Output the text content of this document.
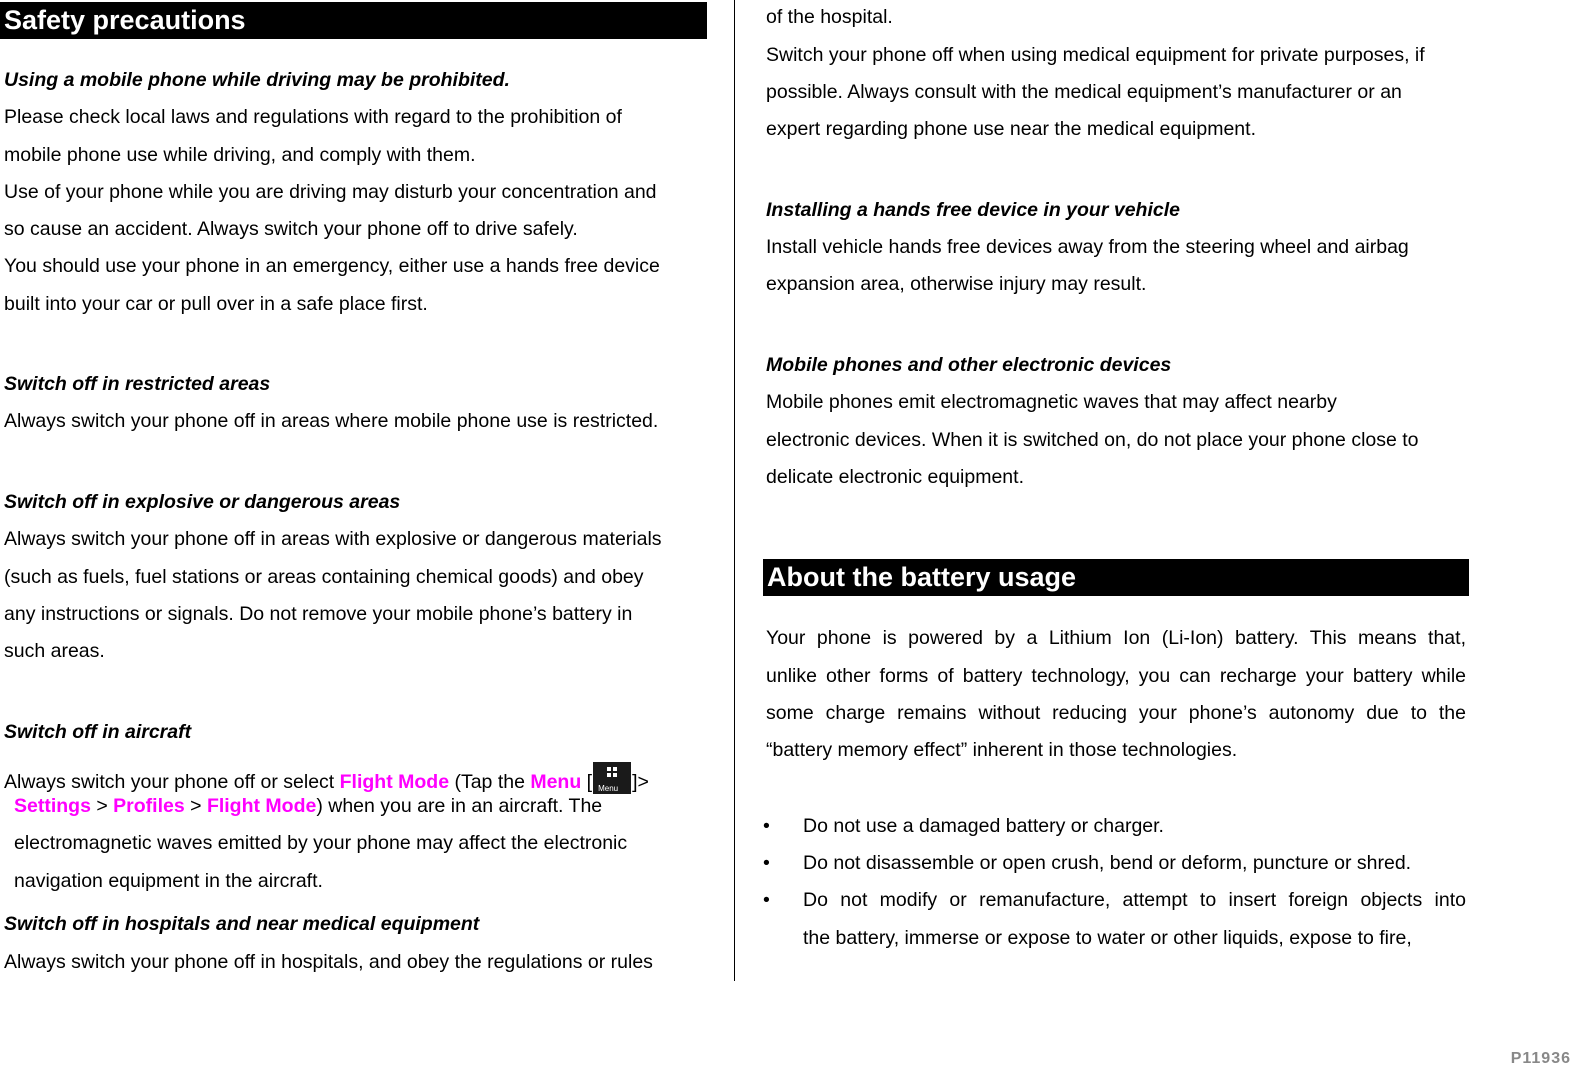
Safety precautions
Using a mobile phone while driving may be prohibited.
Please check local laws and regulations with regard to the prohibition of
mobile phone use while driving, and comply with them.
Use of your phone while you are driving may disturb your concentration and
so cause an accident. Always switch your phone off to drive safely.
You should use your phone in an emergency, either use a hands free device
built into your car or pull over in a safe place first.
Switch off in restricted areas
Always switch your phone off in areas where mobile phone use is restricted.
Switch off in explosive or dangerous areas
Always switch your phone off in areas with explosive or dangerous materials
(such as fuels, fuel stations or areas containing chemical goods) and obey
any instructions or signals. Do not remove your mobile phone’s battery in
such areas.
Switch off in aircraft
Always switch your phone off or select Flight Mode (Tap the Menu [ Menu ]>
Settings > Profiles > Flight Mode) when you are in an aircraft. The
electromagnetic waves emitted by your phone may affect the electronic
navigation equipment in the aircraft.
Switch off in hospitals and near medical equipment
Always switch your phone off in hospitals, and obey the regulations or rules
of the hospital.
Switch your phone off when using medical equipment for private purposes, if
possible. Always consult with the medical equipment’s manufacturer or an
expert regarding phone use near the medical equipment.
Installing a hands free device in your vehicle
Install vehicle hands free devices away from the steering wheel and airbag
expansion area, otherwise injury may result.
Mobile phones and other electronic devices
Mobile phones emit electromagnetic waves that may affect nearby
electronic devices. When it is switched on, do not place your phone close to
delicate electronic equipment.
About the battery usage
Your phone is powered by a Lithium Ion (Li-Ion) battery. This means that,
unlike other forms of battery technology, you can recharge your battery while
some charge remains without reducing your phone’s autonomy due to the
“battery memory effect” inherent in those technologies.
• Do not use a damaged battery or charger.
• Do not disassemble or open crush, bend or deform, puncture or shred.
• Do not modify or remanufacture, attempt to insert foreign objects into
the battery, immerse or expose to water or other liquids, expose to fire,
P11936
